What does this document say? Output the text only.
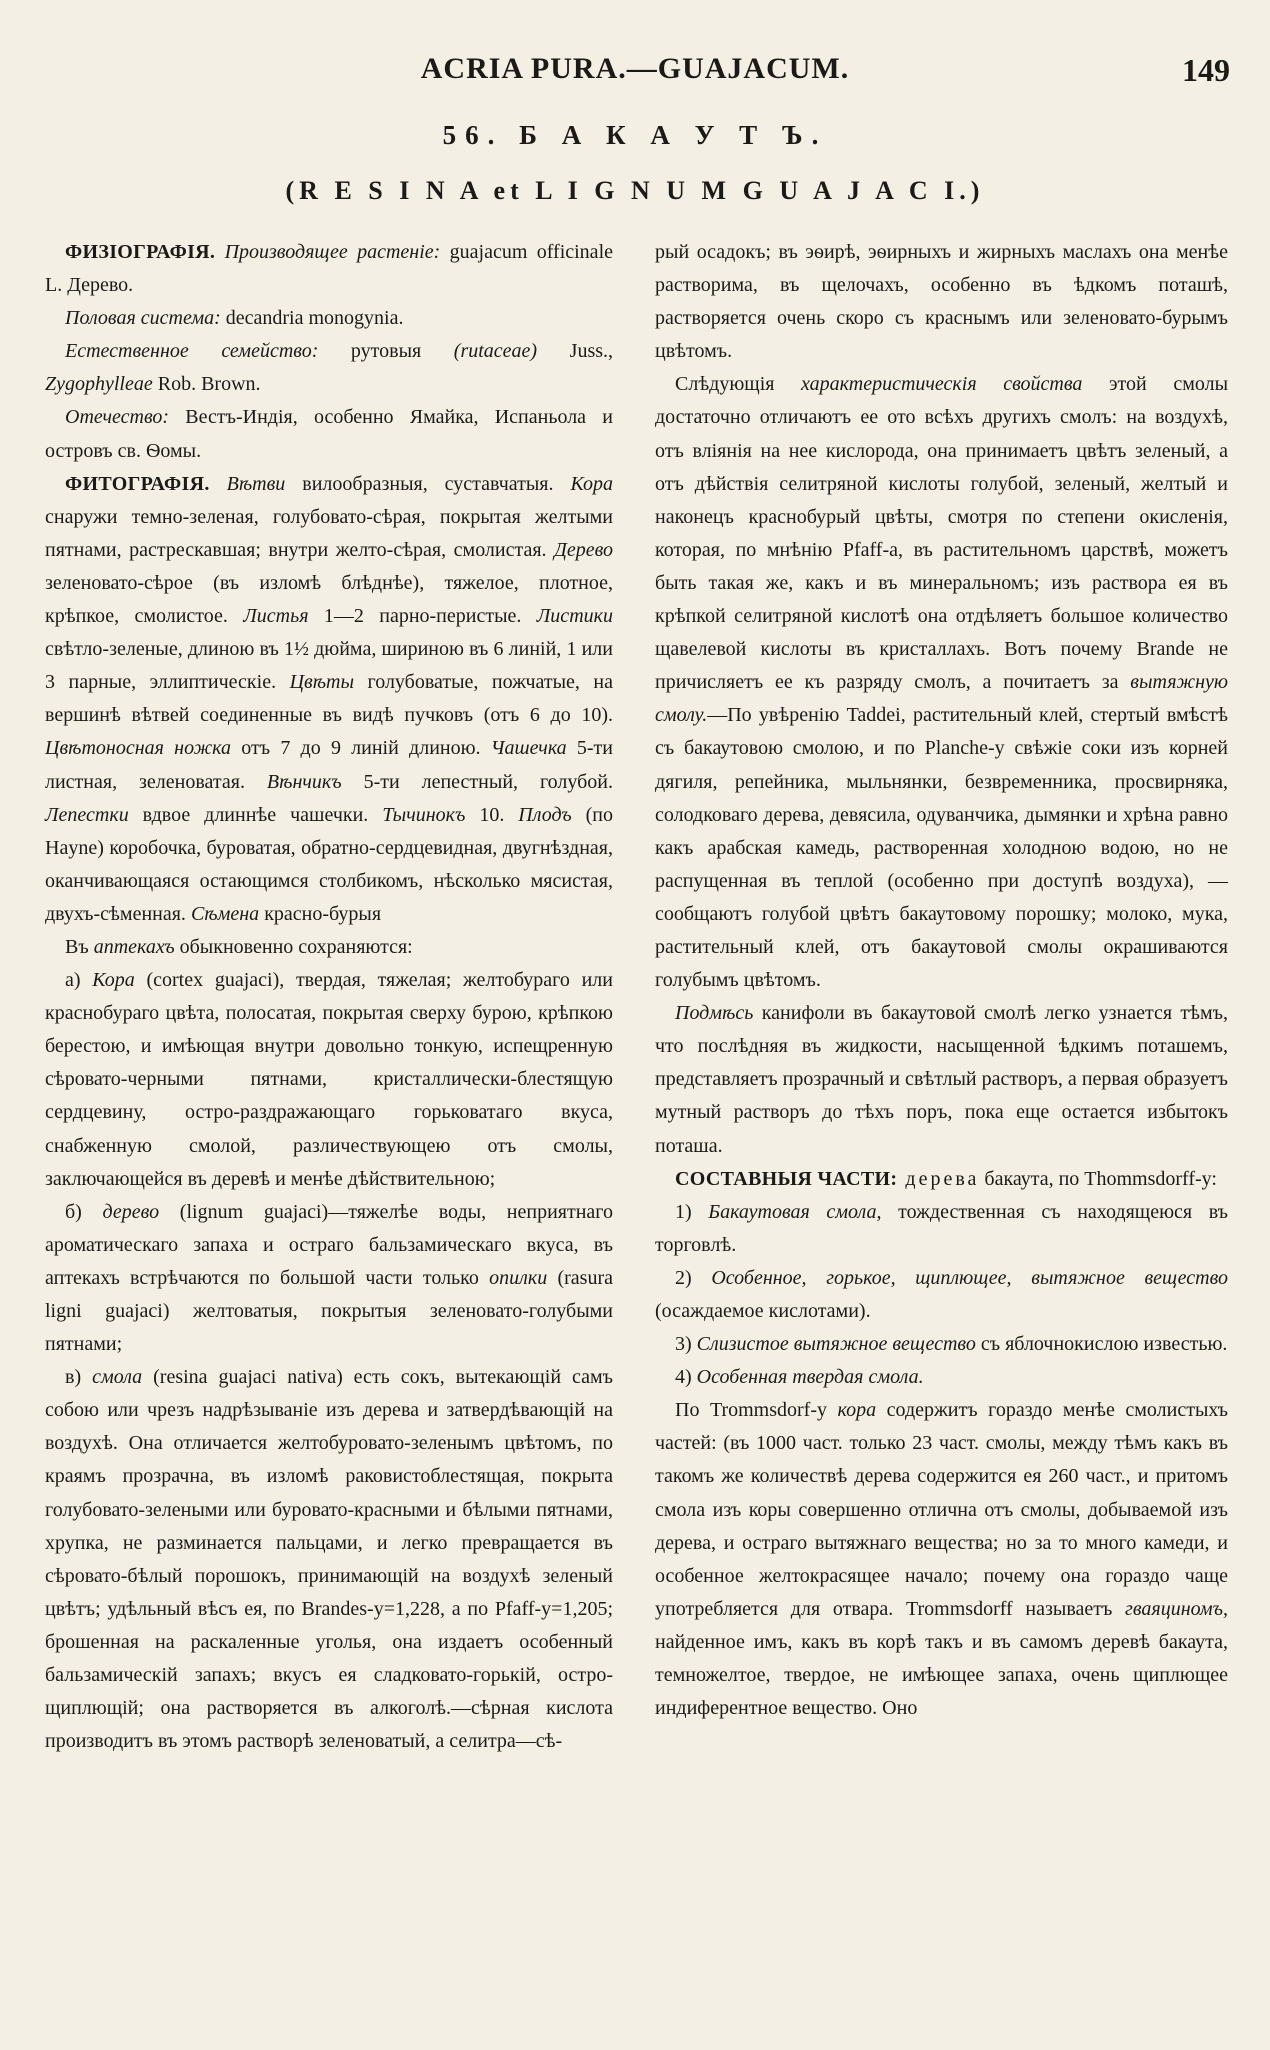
ACRIA PURA.—GUAJACUM.	149
56. Б А К А У Т Ъ.
(R E S I N A et L I G N U M G U A J A C I.)

ФИЗІОГРАФІЯ. Производящее растеніе: guajacum officinale L. Дерево.

Половая система: decandria monogynia.

Естественное семейство: рутовыя (rutaceae) Juss., Zygophylleae Rob. Brown.

Отечество: Вестъ-Индія, особенно Ямайка, Испаньола и островъ св. Ѳомы.

ФИТОГРАФІЯ. Вѣтви вилообразныя, суставчатыя. Кора снаружи темно-зеленая, голубовато-сѣрая, покрытая желтыми пятнами, растрескавшая; внутри желто-сѣрая, смолистая. Дерево зеленовато-сѣрое (въ изломѣ блѣднѣе), тяжелое, плотное, крѣпкое, смолистое. Листья 1—2 парно-перистые. Листики свѣтло-зеленые, длиною въ 1½ дюйма, шириною въ 6 линій, 1 или 3 парные, эллиптическіе. Цвѣты голубоватые, пожчатые, на вершинѣ вѣтвей соединенные въ видѣ пучковъ (отъ 6 до 10). Цвѣтоносная ножка отъ 7 до 9 линій длиною. Чашечка 5-ти листная, зеленоватая. Вѣнчикъ 5-ти лепестный, голубой. Лепестки вдвое длиннѣе чашечки. Тычинокъ 10. Плодъ (по Hayne) коробочка, буроватая, обратно-сердцевидная, двугнѣздная, оканчивающаяся остающимся столбикомъ, нѣсколько мясистая, двухъ-сѣменная. Сѣмена красно-бурыя

Въ аптекахъ обыкновенно сохраняются:

а) Кора (cortex guajaci), твердая, тяжелая; желтобураго или краснобураго цвѣта, полосатая, покрытая сверху бурою, крѣпкою берестою, и имѣющая внутри довольно тонкую, испещренную сѣровато-черными пятнами, кристаллически-блестящую сердцевину, остро-раздражающаго горьковатаго вкуса, снабженную смолой, различествующею отъ смолы, заключающейся въ деревѣ и менѣе дѣйствительною;

б) дерево (lignum guajaci)—тяжелѣе воды, неприятнаго ароматическаго запаха и остраго бальзамическаго вкуса, въ аптекахъ встрѣчаются по большой части только опилки (rasura ligni guajaci) желтоватыя, покрытыя зеленовато-голубыми пятнами;

в) смола (resina guajaci nativa) есть сокъ, вытекающій самъ собою или чрезъ надрѣзываніе изъ дерева и затвердѣвающій на воздухѣ. Она отличается желтобуровато-зеленымъ цвѣтомъ, по краямъ прозрачна, въ изломѣ раковистоблестящая, покрыта голубовато-зелеными или буровато-красными и бѣлыми пятнами, хрупка, не разминается пальцами, и легко превращается въ сѣровато-бѣлый порошокъ, принимающій на воздухѣ зеленый цвѣтъ; удѣльный вѣсъ ея, по Brandes-у=1,228, а по Pfaff-у=1,205; брошенная на раскаленные уголья, она издаетъ особенный бальзамическій запахъ; вкусъ ея сладковато-горькій, остро-щиплющій; она растворяется въ алкоголѣ.—сѣрная кислота производитъ въ этомъ растворѣ зеленоватый, а селитра—сѣ-

рый осадокъ; въ эѳирѣ, эѳирныхъ и жирныхъ маслахъ она менѣе растворима, въ щелочахъ, особенно въ ѣдкомъ поташѣ, растворяется очень скоро съ краснымъ или зеленовато-бурымъ цвѣтомъ.

Слѣдующія характеристическія свойства этой смолы достаточно отличаютъ ее ото всѣхъ другихъ смолъ: на воздухѣ, отъ вліянія на нее кислорода, она принимаетъ цвѣтъ зеленый, а отъ дѣйствія селитряной кислоты голубой, зеленый, желтый и наконецъ краснобурый цвѣты, смотря по степени окисленія, которая, по мнѣнію Pfaff-а, въ растительномъ царствѣ, можетъ быть такая же, какъ и въ минеральномъ; изъ раствора ея въ крѣпкой селитряной кислотѣ она отдѣляетъ большое количество щавелевой кислоты въ кристаллахъ. Вотъ почему Brande не причисляетъ ее къ разряду смолъ, а почитаетъ за вытяжную смолу.—По увѣренію Taddei, растительный клей, стертый вмѣстѣ съ бакаутовою смолою, и по Planche-у свѣжіе соки изъ корней дягиля, репейника, мыльнянки, безвременника, просвирняка, солодковаго дерева, девясила, одуванчика, дымянки и хрѣна равно какъ арабская камедь, растворенная холодною водою, но не распущенная въ теплой (особенно при доступѣ воздуха), — сообщаютъ голубой цвѣтъ бакаутовому порошку; молоко, мука, растительный клей, отъ бакаутовой смолы окрашиваются голубымъ цвѣтомъ.

Подмѣсь канифоли въ бакаутовой смолѣ легко узнается тѣмъ, что послѣдняя въ жидкости, насыщенной ѣдкимъ поташемъ, представляетъ прозрачный и свѣтлый растворъ, а первая образуетъ мутный растворъ до тѣхъ поръ, пока еще остается избытокъ поташа.

СОСТАВНЫЯ ЧАСТИ: дерева бакаута, по Thommsdorff-у:

1) Бакаутовая смола, тождественная съ находящеюся въ торговлѣ.

2) Особенное, горькое, щиплющее, вытяжное вещество (осаждаемое кислотами).

3) Слизистое вытяжное вещество съ яблочнокислою известью.

4) Особенная твердая смола.

По Trommsdorf-у кора содержитъ гораздо менѣе смолистыхъ частей: (въ 1000 част. только 23 част. смолы, между тѣмъ какъ въ такомъ же количествѣ дерева содержится ея 260 част., и притомъ смола изъ коры совершенно отлична отъ смолы, добываемой изъ дерева, и остраго вытяжнаго вещества; но за то много камеди, и особенное желтокрасящее начало; почему она гораздо чаще употребляется для отвара. Trommsdorff называетъ гваяциномъ, найденное имъ, какъ въ корѣ такъ и въ самомъ деревѣ бакаута, темножелтое, твердое, не имѣющее запаха, очень щиплющее индиферентное вещество. Оно
